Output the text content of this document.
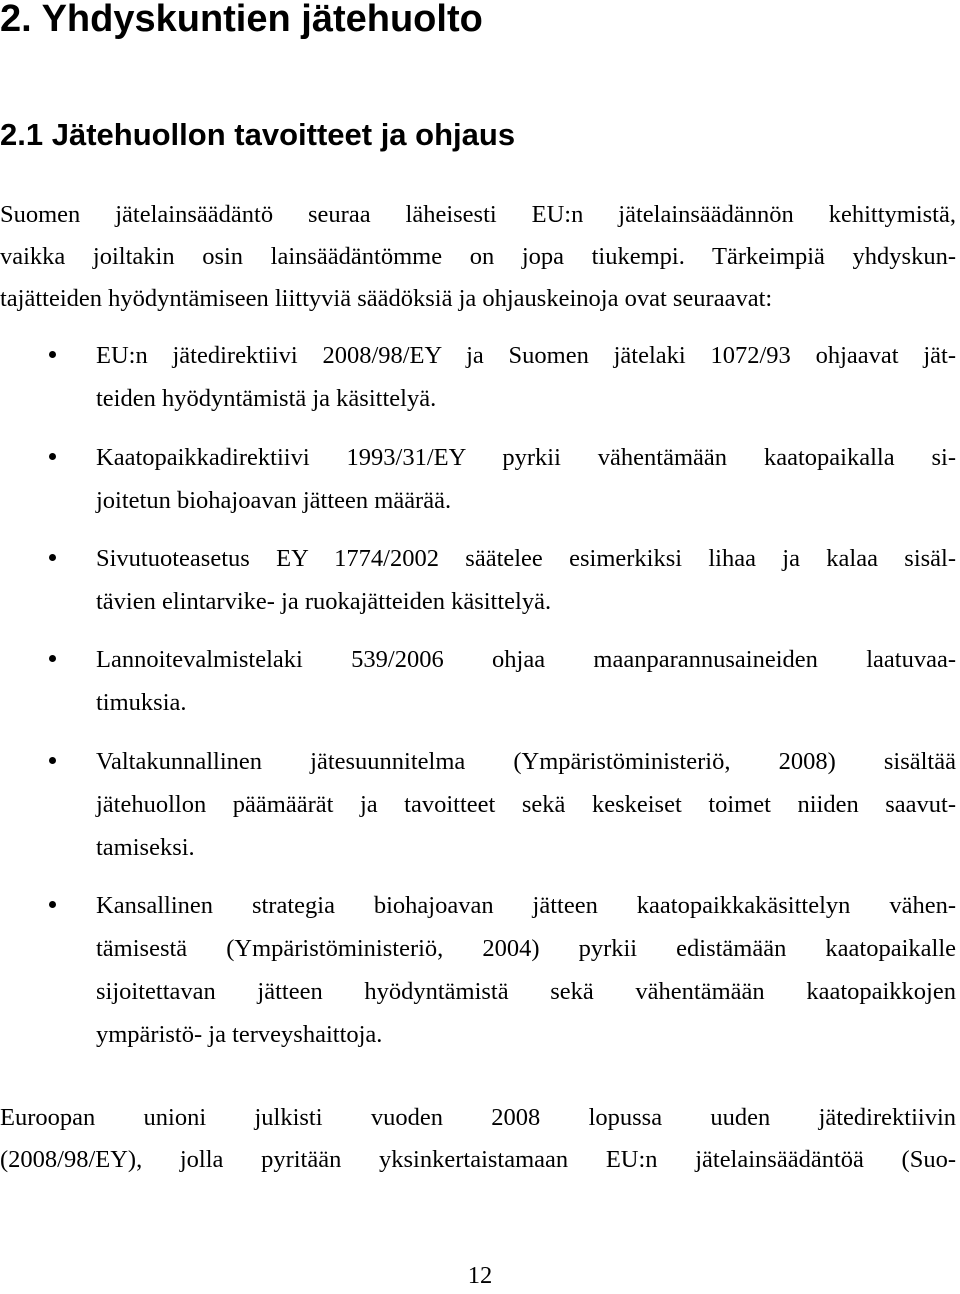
2. Yhdyskuntien jätehuolto
2.1 Jätehuollon tavoitteet ja ohjaus

Suomen jätelainsäädäntö seuraa läheisesti EU:n jätelainsäädännön kehittymistä,
vaikka joiltakin osin lainsäädäntömme on jopa tiukempi. Tärkeimpiä yhdyskun-
tajätteiden hyödyntämiseen liittyviä säädöksiä ja ohjauskeinoja ovat seuraavat:

EU:n jätedirektiivi 2008/98/EY ja Suomen jätelaki 1072/93 ohjaavat jät-
teiden hyödyntämistä ja käsittelyä.
Kaatopaikkadirektiivi 1993/31/EY pyrkii vähentämään kaatopaikalla si-
joitetun biohajoavan jätteen määrää.
Sivutuoteasetus EY 1774/2002 säätelee esimerkiksi lihaa ja kalaa sisäl-
tävien elintarvike- ja ruokajätteiden käsittelyä.
Lannoitevalmistelaki 539/2006 ohjaa maanparannusaineiden laatuvaa-
timuksia.
Valtakunnallinen jätesuunnitelma (Ympäristöministeriö, 2008) sisältää
jätehuollon päämäärät ja tavoitteet sekä keskeiset toimet niiden saavut-
tamiseksi.
Kansallinen strategia biohajoavan jätteen kaatopaikkakäsittelyn vähen-
tämisestä (Ympäristöministeriö, 2004) pyrkii edistämään kaatopaikalle
sijoitettavan jätteen hyödyntämistä sekä vähentämään kaatopaikkojen
ympäristö- ja terveyshaittoja.

Euroopan unioni julkisti vuoden 2008 lopussa uuden jätedirektiivin
(2008/98/EY), jolla pyritään yksinkertaistamaan EU:n jätelainsäädäntöä (Suo-

12
